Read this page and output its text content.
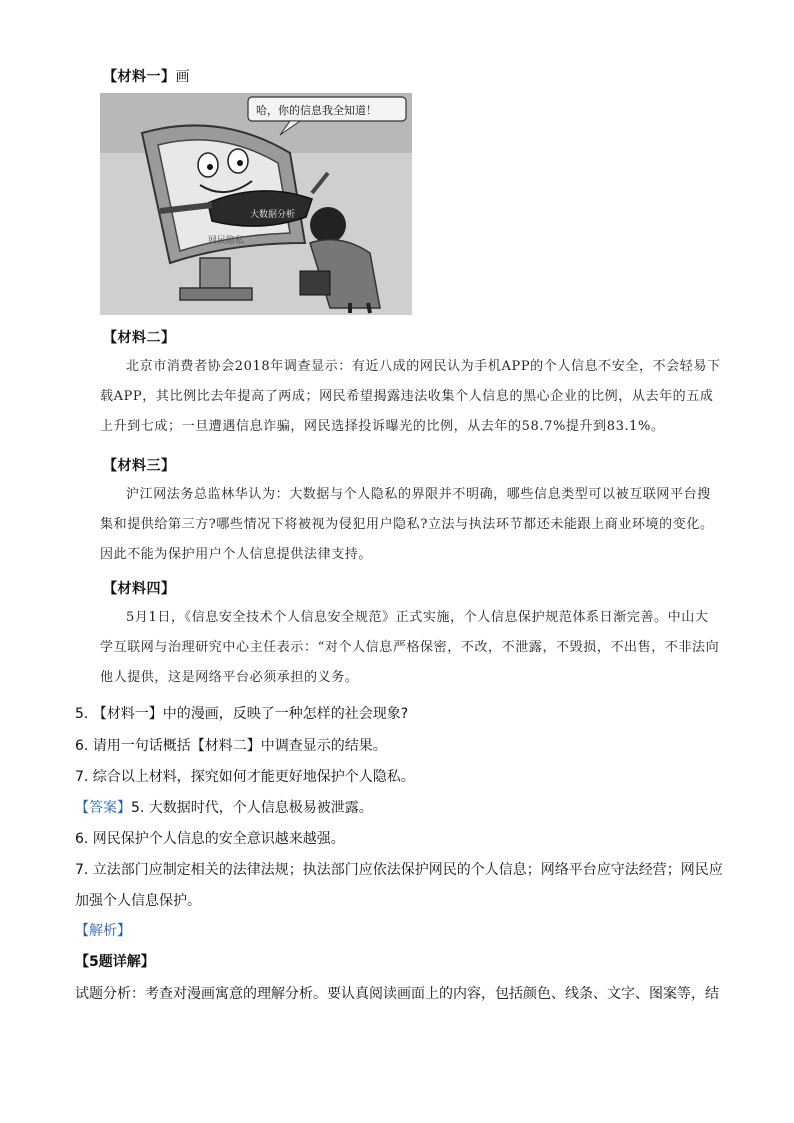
【材料一】画
哈，你的信息我全知道！
大数据分析
网民隐私
【材料二】
北京市消费者协会2018年调查显示：有近八成的网民认为手机APP的个人信息不安全，不会轻易下载APP，其比例比去年提高了两成；网民希望揭露违法收集个人信息的黑心企业的比例，从去年的五成上升到七成；一旦遭遇信息诈骗，网民选择投诉曝光的比例，从去年的58.7%提升到83.1%。
【材料三】
沪江网法务总监林华认为：大数据与个人隐私的界限并不明确，哪些信息类型可以被互联网平台搜集和提供给第三方?哪些情况下将被视为侵犯用户隐私?立法与执法环节都还未能跟上商业环境的变化。因此不能为保护用户个人信息提供法律支持。
【材料四】
5月1日，《信息安全技术个人信息安全规范》正式实施，个人信息保护规范体系日渐完善。中山大学互联网与治理研究中心主任表示：“对个人信息严格保密，不改，不泄露，不毁损，不出售，不非法向他人提供，这是网络平台必须承担的义务。
5. 【材料一】中的漫画，反映了一种怎样的社会现象?
6. 请用一句话概括【材料二】中调查显示的结果。
7. 综合以上材料，探究如何才能更好地保护个人隐私。
【答案】5. 大数据时代，个人信息极易被泄露。
6. 网民保护个人信息的安全意识越来越强。
7. 立法部门应制定相关的法律法规；执法部门应依法保护网民的个人信息；网络平台应守法经营；网民应
加强个人信息保护。
【解析】
【5题详解】
试题分析：考查对漫画寓意的理解分析。要认真阅读画面上的内容，包括颜色、线条、文字、图案等，结
